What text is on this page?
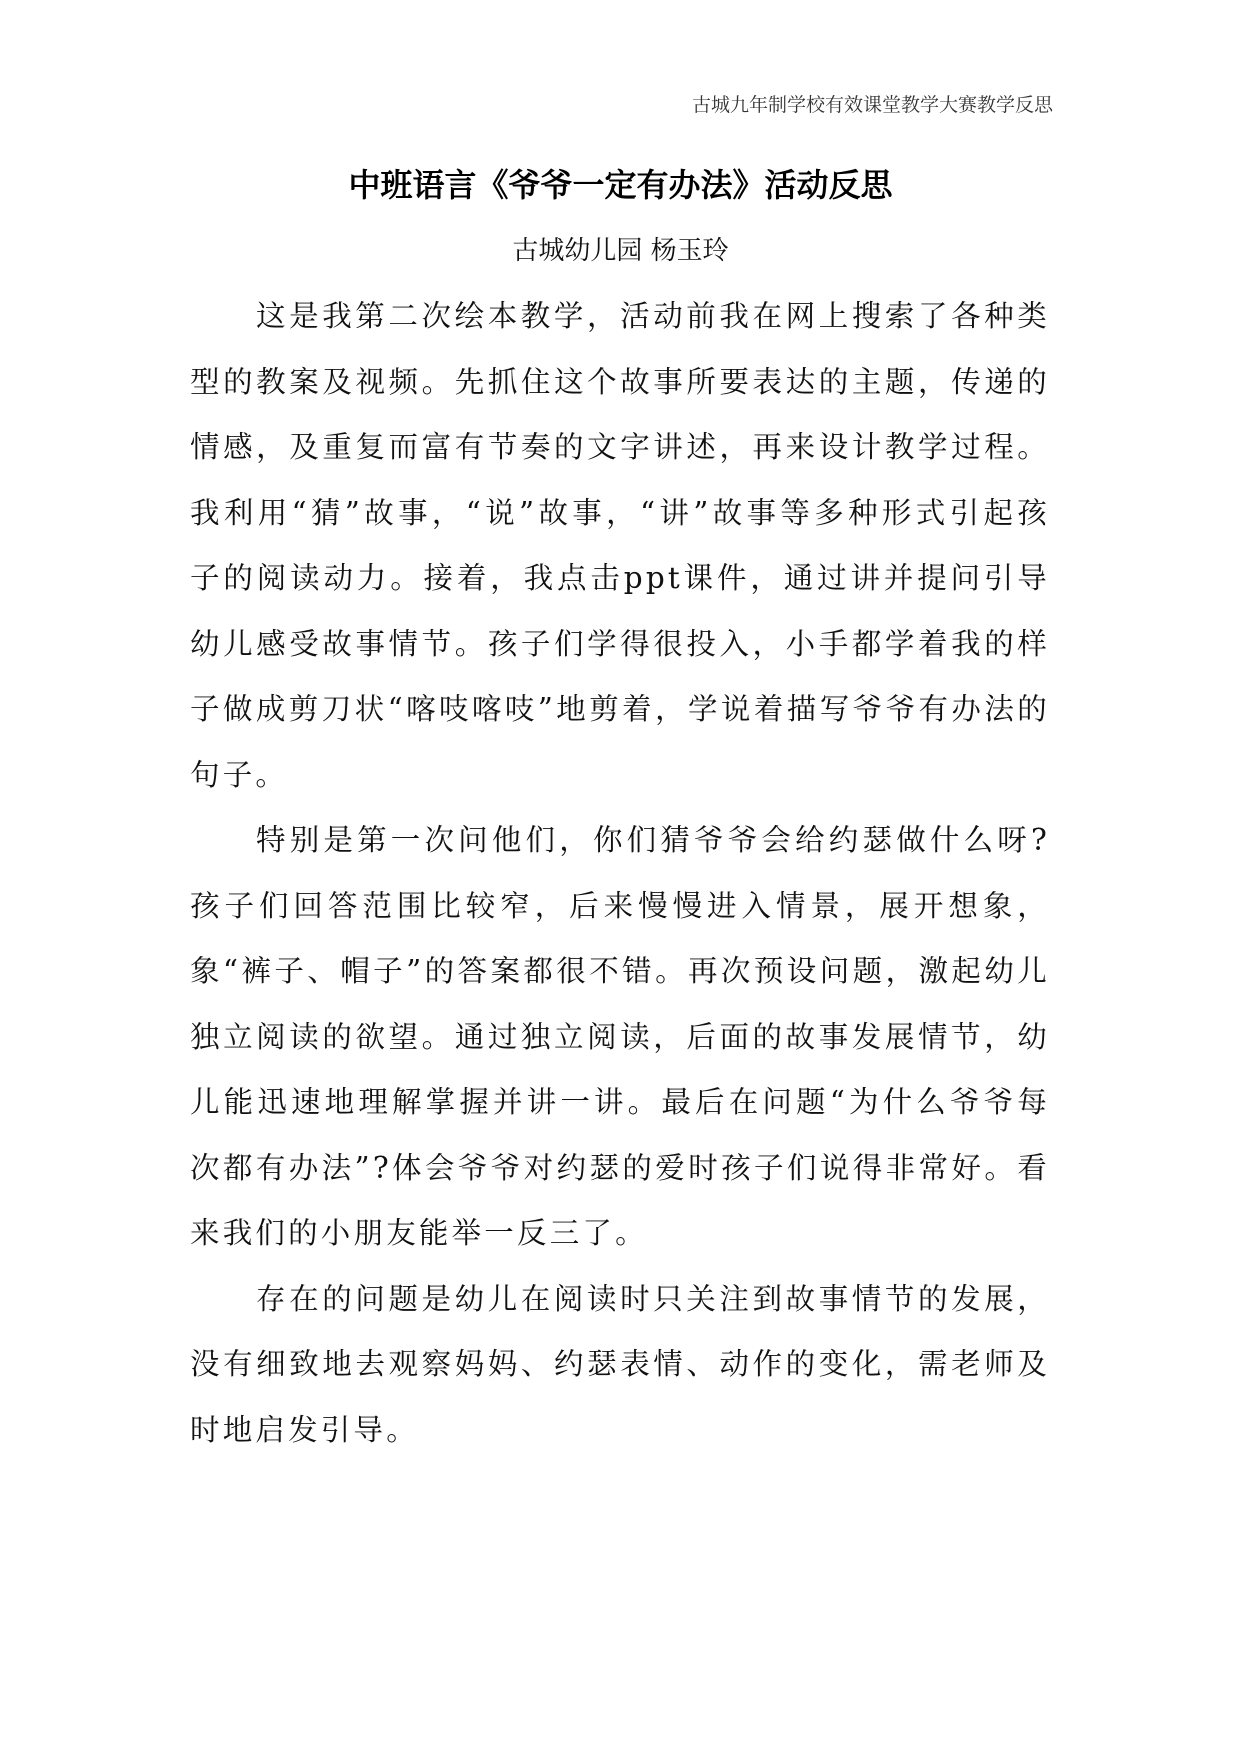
古城九年制学校有效课堂教学大赛教学反思
中班语言《爷爷一定有办法》活动反思

古城幼儿园 杨玉玲

这是我第二次绘本教学，活动前我在网上搜索了各种类型的教案及视频。先抓住这个故事所要表达的主题，传递的情感，及重复而富有节奏的文字讲述，再来设计教学过程。我利用“猜”故事，“说”故事，“讲”故事等多种形式引起孩子的阅读动力。接着，我点击ppt课件，通过讲并提问引导幼儿感受故事情节。孩子们学得很投入，小手都学着我的样子做成剪刀状“喀吱喀吱”地剪着，学说着描写爷爷有办法的句子。

特别是第一次问他们，你们猜爷爷会给约瑟做什么呀?孩子们回答范围比较窄，后来慢慢进入情景，展开想象，象“裤子、帽子”的答案都很不错。再次预设问题，激起幼儿独立阅读的欲望。通过独立阅读，后面的故事发展情节，幼儿能迅速地理解掌握并讲一讲。最后在问题“为什么爷爷每次都有办法”?体会爷爷对约瑟的爱时孩子们说得非常好。看来我们的小朋友能举一反三了。

存在的问题是幼儿在阅读时只关注到故事情节的发展，没有细致地去观察妈妈、约瑟表情、动作的变化，需老师及时地启发引导。
